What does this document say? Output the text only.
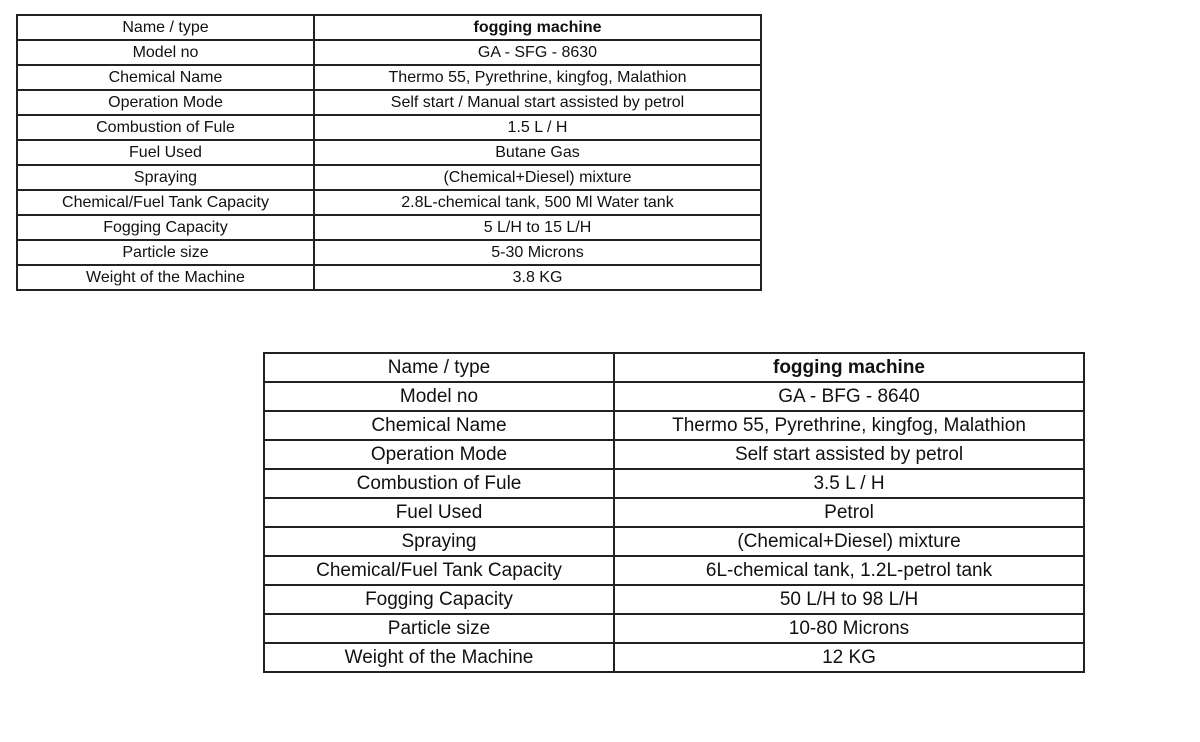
Name / type	fogging machine
Model no	GA - SFG - 8630
Chemical Name	Thermo 55, Pyrethrine, kingfog, Malathion
Operation Mode	Self start / Manual start assisted by petrol
Combustion of Fule	1.5 L / H
Fuel Used	Butane Gas
Spraying	(Chemical+Diesel) mixture
Chemical/Fuel Tank Capacity	2.8L-chemical tank, 500 Ml Water tank
Fogging Capacity	5 L/H to 15 L/H
Particle size	5-30 Microns
Weight of the Machine	3.8 KG
Name / type	fogging machine
Model no	GA - BFG - 8640
Chemical Name	Thermo 55, Pyrethrine, kingfog, Malathion
Operation Mode	Self start assisted by petrol
Combustion of Fule	3.5 L / H
Fuel Used	Petrol
Spraying	(Chemical+Diesel) mixture
Chemical/Fuel Tank Capacity	6L-chemical tank, 1.2L-petrol tank
Fogging Capacity	50 L/H to 98 L/H
Particle size	10-80 Microns
Weight of the Machine	12 KG
